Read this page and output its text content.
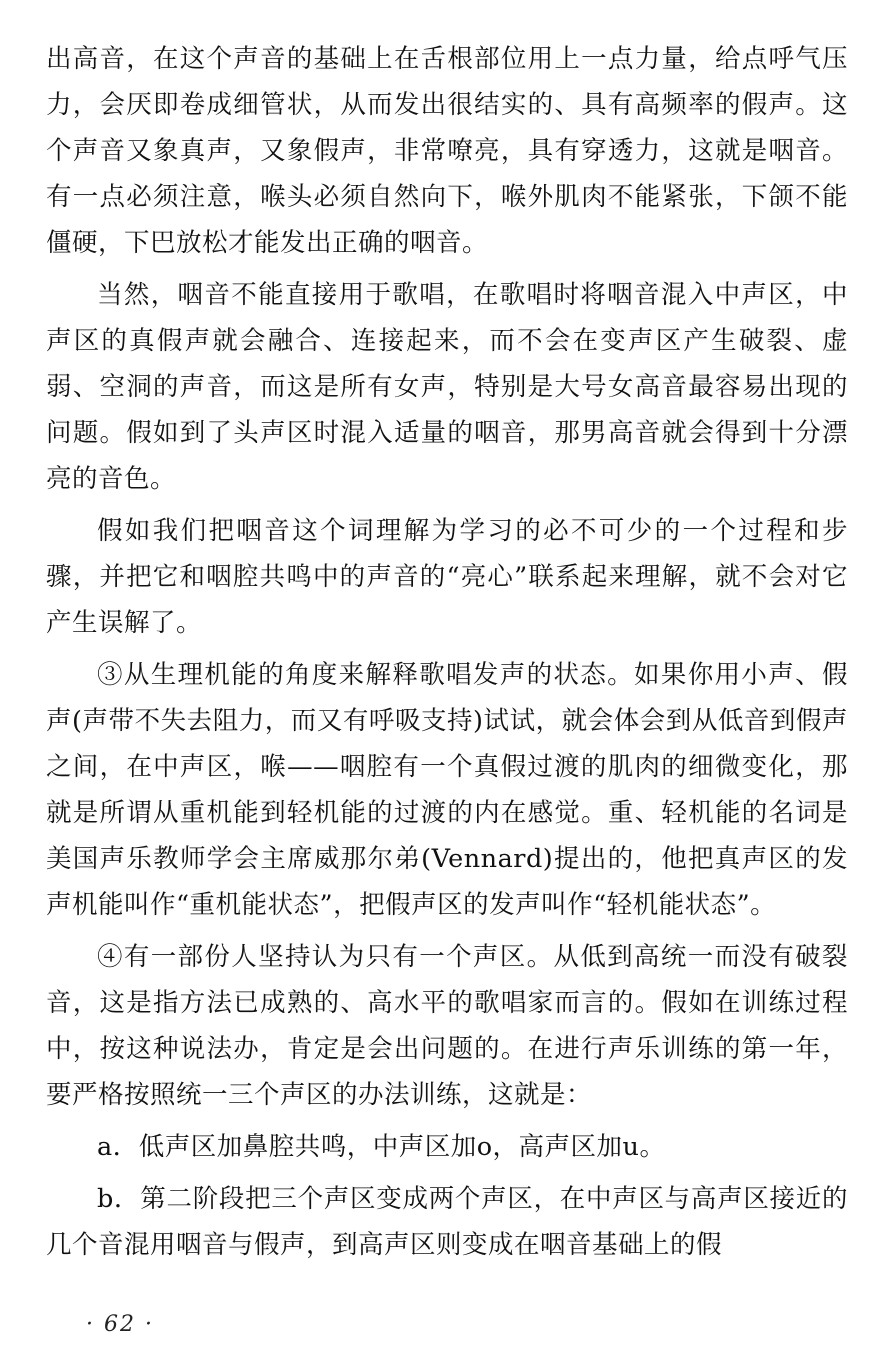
出高音，在这个声音的基础上在舌根部位用上一点力量，给点呼气压力，会厌即卷成细管状，从而发出很结实的、具有高频率的假声。这个声音又象真声，又象假声，非常嘹亮，具有穿透力，这就是咽音。有一点必须注意，喉头必须自然向下，喉外肌肉不能紧张，下颌不能僵硬，下巴放松才能发出正确的咽音。

当然，咽音不能直接用于歌唱，在歌唱时将咽音混入中声区，中声区的真假声就会融合、连接起来，而不会在变声区产生破裂、虚弱、空洞的声音，而这是所有女声，特别是大号女高音最容易出现的问题。假如到了头声区时混入适量的咽音，那男高音就会得到十分漂亮的音色。

假如我们把咽音这个词理解为学习的必不可少的一个过程和步骤，并把它和咽腔共鸣中的声音的“亮心”联系起来理解，就不会对它产生误解了。

③从生理机能的角度来解释歌唱发声的状态。如果你用小声、假声(声带不失去阻力，而又有呼吸支持)试试，就会体会到从低音到假声之间，在中声区，喉——咽腔有一个真假过渡的肌肉的细微变化，那就是所谓从重机能到轻机能的过渡的内在感觉。重、轻机能的名词是美国声乐教师学会主席威那尔弟(Vennard)提出的，他把真声区的发声机能叫作“重机能状态”，把假声区的发声叫作“轻机能状态”。

④有一部份人坚持认为只有一个声区。从低到高统一而没有破裂音，这是指方法已成熟的、高水平的歌唱家而言的。假如在训练过程中，按这种说法办，肯定是会出问题的。在进行声乐训练的第一年，要严格按照统一三个声区的办法训练，这就是：

a．低声区加鼻腔共鸣，中声区加o，高声区加u。

b．第二阶段把三个声区变成两个声区，在中声区与高声区接近的几个音混用咽音与假声，到高声区则变成在咽音基础上的假

· 62 ·
